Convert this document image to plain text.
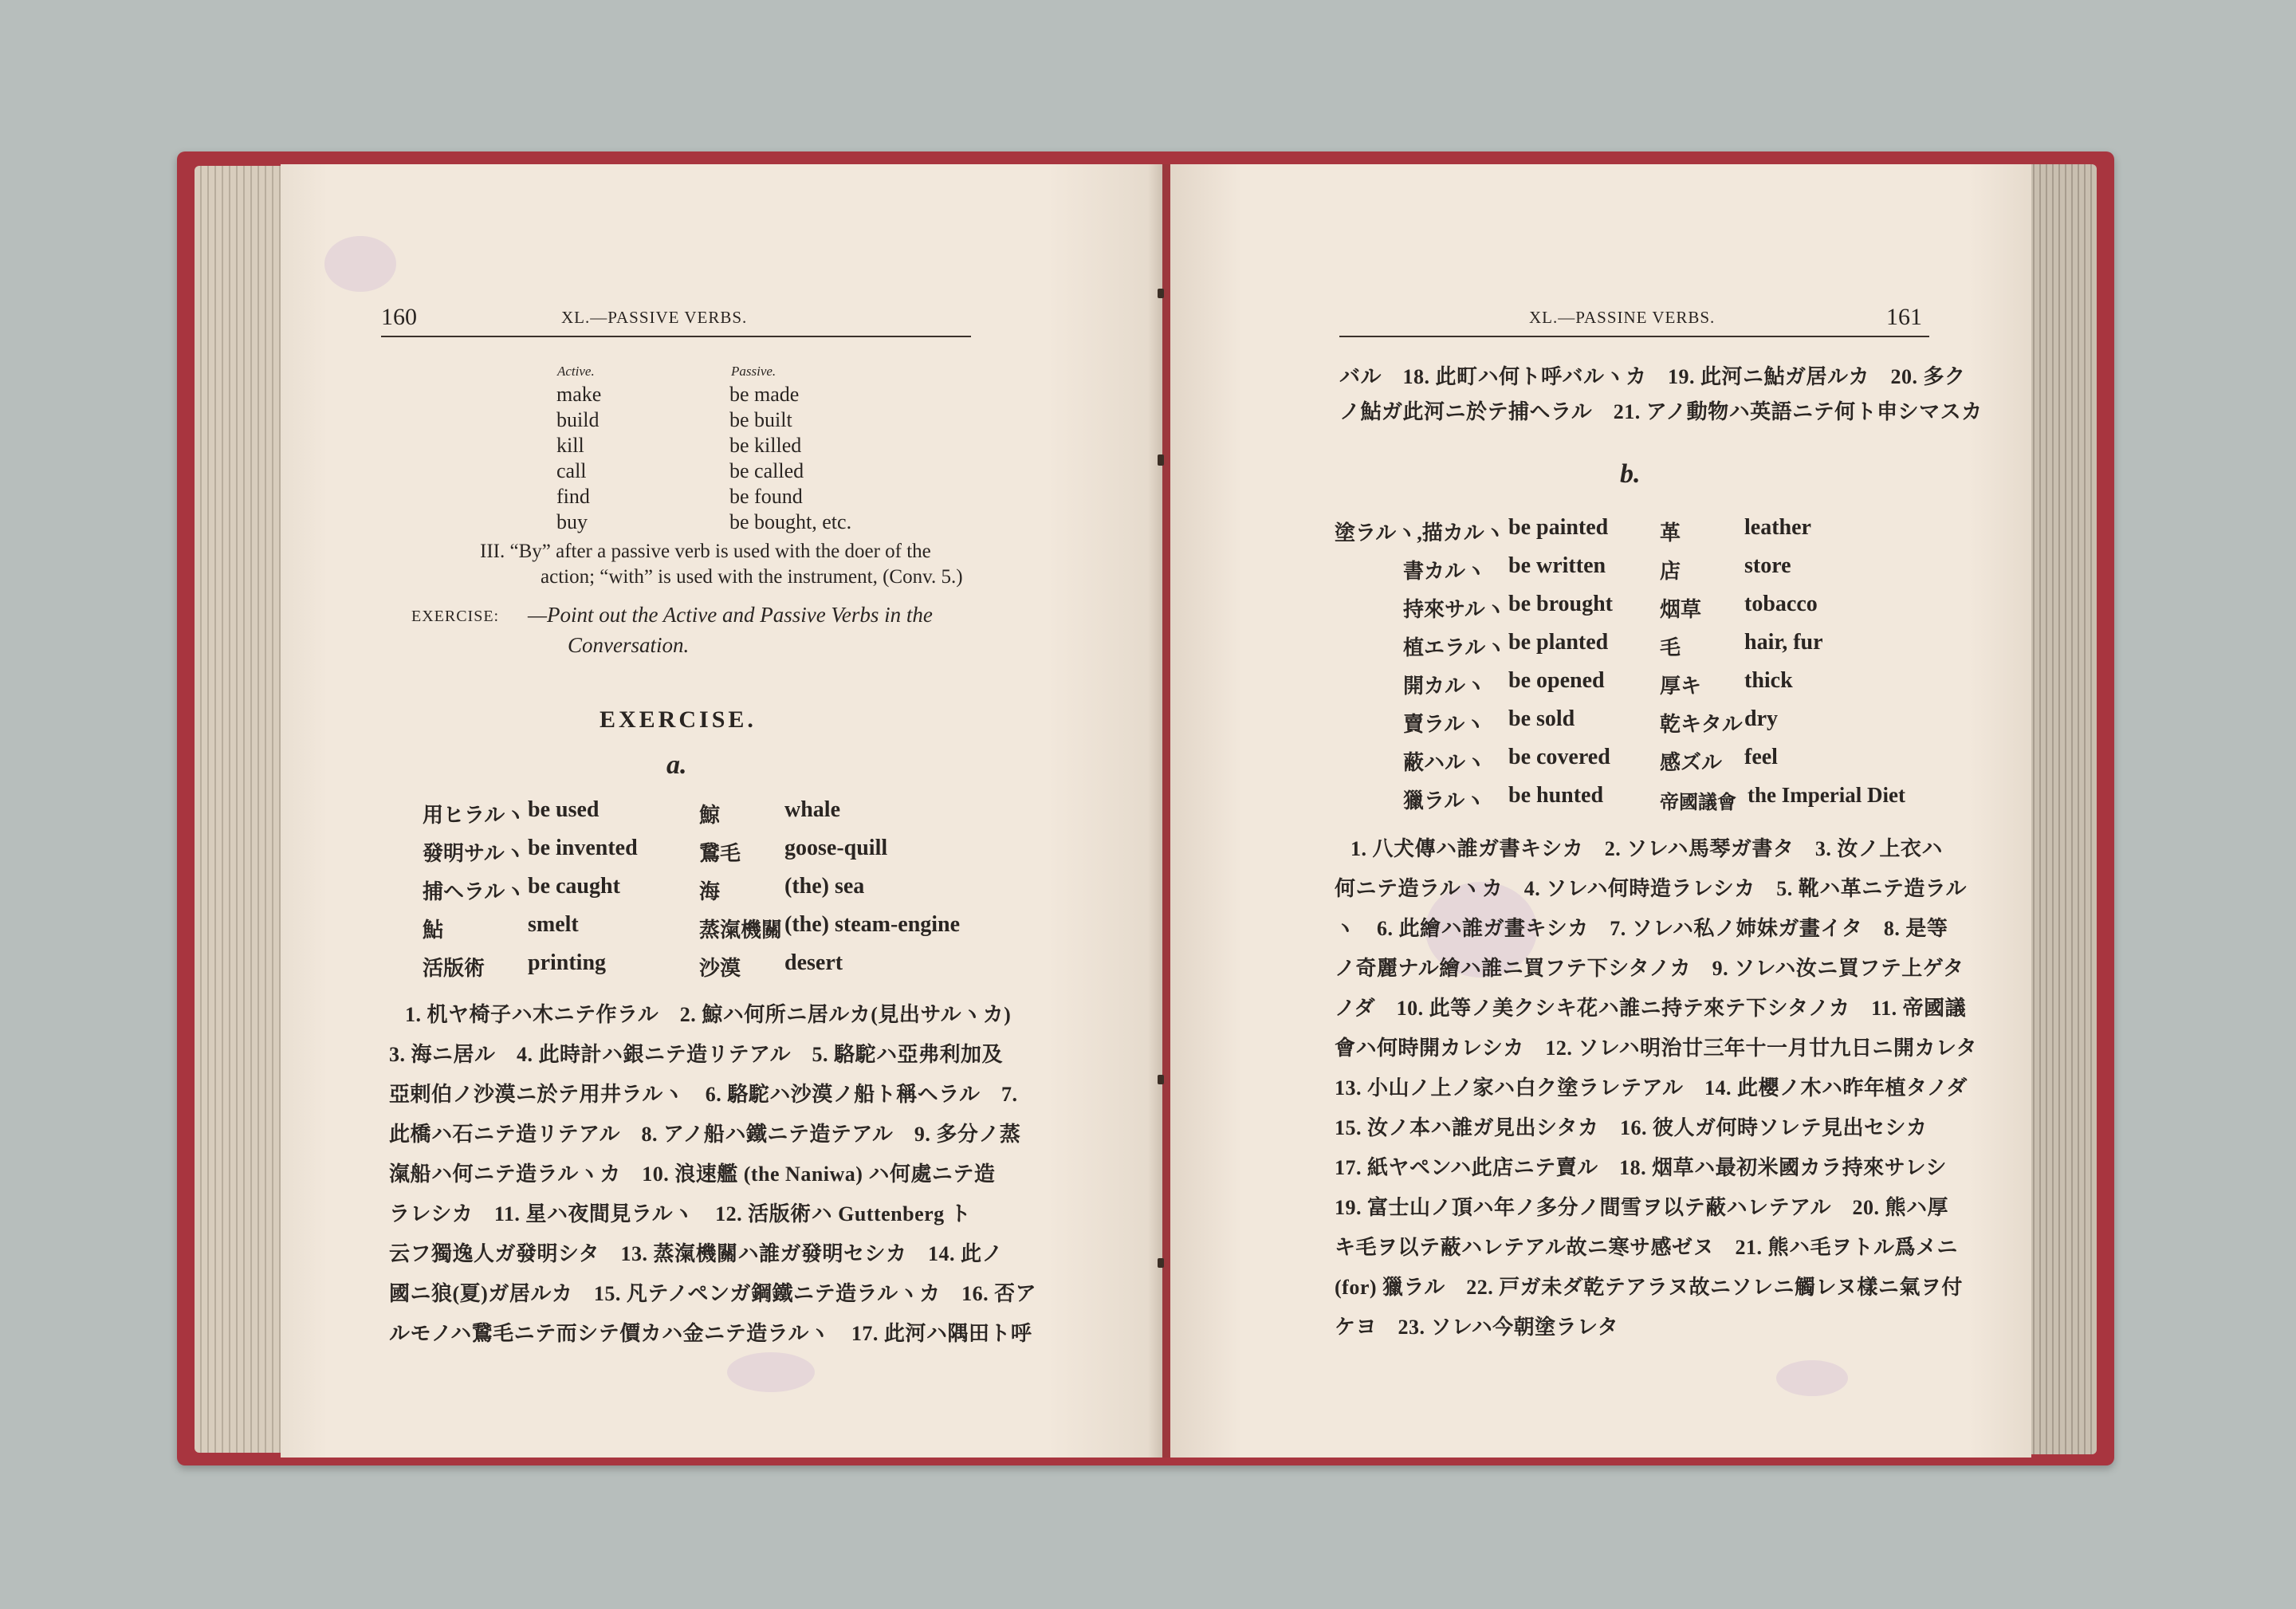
160	XL.—PASSIVE VERBS.
Active.	Passive.
make	be made
build	be built
kill	be killed
call	be called
find	be found
buy	be bought, etc.
III. “By” after a passive verb is used with the doer of the
action; “with” is used with the instrument, (Conv. 5.)
EXERCISE: —Point out the Active and Passive Verbs in the
Conversation.
EXERCISE.
a.
用ヒラルヽ be used	鯨	whale
發明サルヽ be invented	鵞毛 goose-quill
捕ヘラルヽ be caught	海	(the) sea
鮎	smelt	蒸滊機關 (the) steam-engine
活版術 printing	沙漠 desert
1. 机ヤ椅子ハ木ニテ作ラル　2. 鯨ハ何所ニ居ルカ(見出サルヽカ)
3. 海ニ居ル　4. 此時計ハ銀ニテ造リテアル　5. 駱駝ハ亞弗利加及
亞剌伯ノ沙漠ニ於テ用井ラルヽ　6. 駱駝ハ沙漠ノ船ト稱ヘラル　7.
此橋ハ石ニテ造リテアル　8. アノ船ハ鐵ニテ造テアル　9. 多分ノ蒸
滊船ハ何ニテ造ラルヽカ　10. 浪速艦 (the Naniwa) ハ何處ニテ造
ラレシカ　11. 星ハ夜間見ラルヽ　12. 活版術ハ Guttenberg ト
云フ獨逸人ガ發明シタ　13. 蒸滊機關ハ誰ガ發明セシカ　14. 此ノ
國ニ狼(夏)ガ居ルカ　15. 凡テノペンガ鋼鐵ニテ造ラルヽカ　16. 否ア
ルモノハ鵞毛ニテ而シテ價カハ金ニテ造ラルヽ　17. 此河ハ隅田ト呼
XL.—PASSINE VERBS.	161
バル　18. 此町ハ何ト呼バルヽカ　19. 此河ニ鮎ガ居ルカ　20. 多ク
ノ鮎ガ此河ニ於テ捕ヘラル　21. アノ動物ハ英語ニテ何ト申シマスカ
b.
塗ラルヽ,描カルヽ be painted 革	leather
書カルヽ be written	店	store
持來サルヽ be brought 烟草 tobacco
植エラルヽ be planted 毛	hair, fur
開カルヽ be opened	厚キ thick
賣ラルヽ be sold	乾キタル dry
蔽ハルヽ be covered 感ズル feel
獵ラルヽ be hunted	帝國議會 the Imperial Diet
1. 八犬傳ハ誰ガ書キシカ　2. ソレハ馬琴ガ書タ　3. 汝ノ上衣ハ
何ニテ造ラルヽカ　4. ソレハ何時造ラレシカ　5. 靴ハ革ニテ造ラル
ヽ　6. 此繪ハ誰ガ畫キシカ　7. ソレハ私ノ姉妹ガ畫イタ　8. 是等
ノ奇麗ナル繪ハ誰ニ買フテ下シタノカ　9. ソレハ汝ニ買フテ上ゲタ
ノダ　10. 此等ノ美クシキ花ハ誰ニ持テ來テ下シタノカ　11. 帝國議
會ハ何時開カレシカ　12. ソレハ明治廿三年十一月廿九日ニ開カレタ
13. 小山ノ上ノ家ハ白ク塗ラレテアル　14. 此櫻ノ木ハ昨年植タノダ
15. 汝ノ本ハ誰ガ見出シタカ　16. 彼人ガ何時ソレテ見出セシカ
17. 紙ヤペンハ此店ニテ賣ル　18. 烟草ハ最初米國カラ持來サレシ
19. 富士山ノ頂ハ年ノ多分ノ間雪ヲ以テ蔽ハレテアル　20. 熊ハ厚
キ毛ヲ以テ蔽ハレテアル故ニ寒サ感ゼヌ　21. 熊ハ毛ヲトル爲メニ
(for) 獵ラル　22. 戸ガ未ダ乾テアラヌ故ニソレニ觸レヌ樣ニ氣ヲ付
ケヨ　23. ソレハ今朝塗ラレタ
